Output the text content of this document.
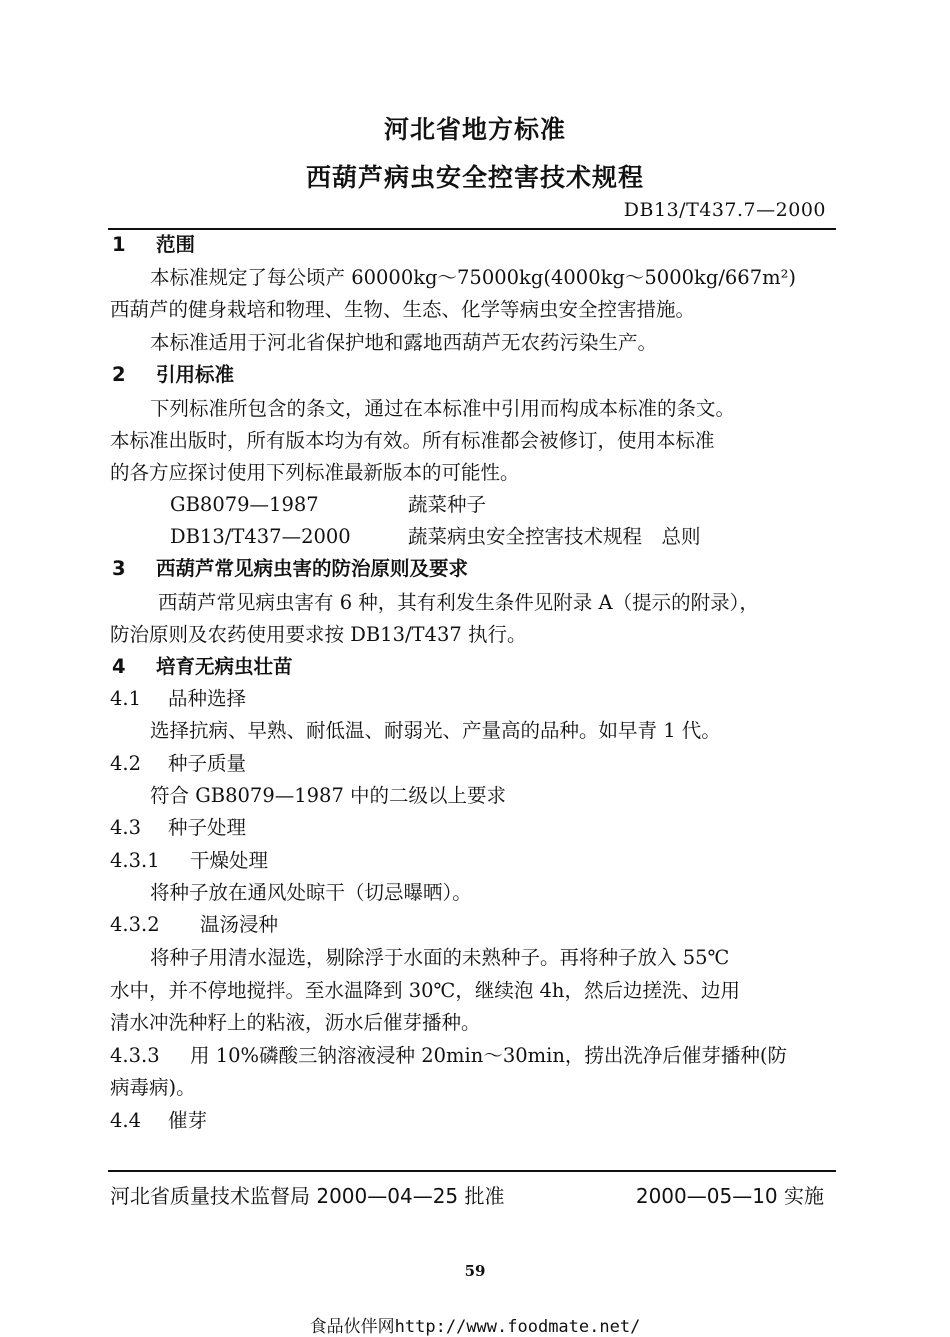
河北省地方标准
西葫芦病虫安全控害技术规程
DB13/T437.7—2000
1 范围
本标准规定了每公顷产 60000kg～75000kg(4000kg～5000kg/667m²)
西葫芦的健身栽培和物理、生物、生态、化学等病虫安全控害措施。
本标准适用于河北省保护地和露地西葫芦无农药污染生产。
2 引用标准
下列标准所包含的条文，通过在本标准中引用而构成本标准的条文。
本标准出版时，所有版本均为有效。所有标准都会被修订，使用本标准
的各方应探讨使用下列标准最新版本的可能性。
GB8079—1987	蔬菜种子
DB13/T437—2000	蔬菜病虫安全控害技术规程　总则
3 西葫芦常见病虫害的防治原则及要求
西葫芦常见病虫害有 6 种，其有利发生条件见附录 A（提示的附录），
防治原则及农药使用要求按 DB13/T437 执行。
4 培育无病虫壮苗
4.1 品种选择
选择抗病、早熟、耐低温、耐弱光、产量高的品种。如早青 1 代。
4.2 种子质量
符合 GB8079—1987 中的二级以上要求
4.3 种子处理
4.3.1 干燥处理
将种子放在通风处晾干（切忌曝晒）。
4.3.2 温汤浸种
将种子用清水湿选，剔除浮于水面的未熟种子。再将种子放入 55℃
水中，并不停地搅拌。至水温降到 30℃，继续泡 4h，然后边搓洗、边用
清水冲洗种籽上的粘液，沥水后催芽播种。
4.3.3 用 10%磷酸三钠溶液浸种 20min～30min，捞出洗净后催芽播种(防
病毒病)。
4.4 催芽
河北省质量技术监督局 2000—04—25 批准	2000—05—10 实施
59
食品伙伴网http://www.foodmate.net/
